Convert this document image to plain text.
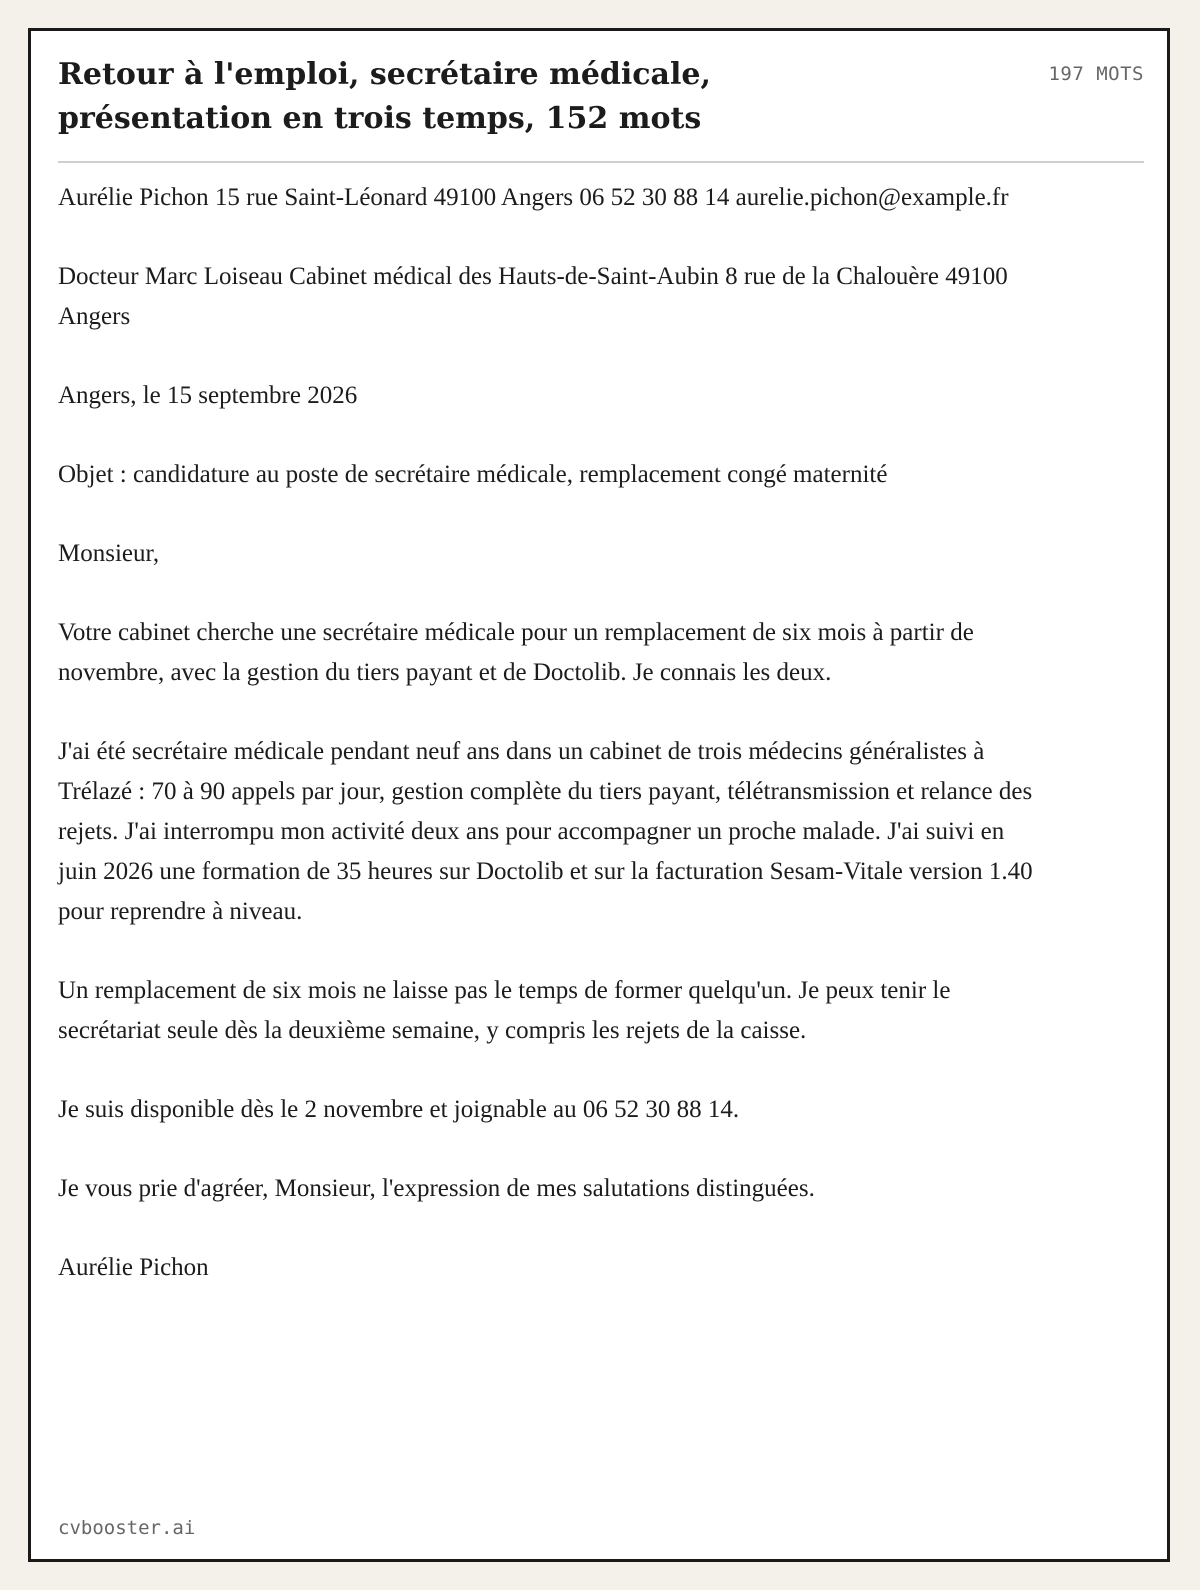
Retour à l'emploi, secrétaire médicale, présentation en trois temps, 152 mots
197 MOTS

Aurélie Pichon 15 rue Saint-Léonard 49100 Angers 06 52 30 88 14 aurelie.pichon@example.fr

Docteur Marc Loiseau Cabinet médical des Hauts-de-Saint-Aubin 8 rue de la Chalouère 49100 Angers

Angers, le 15 septembre 2026

Objet : candidature au poste de secrétaire médicale, remplacement congé maternité

Monsieur,

Votre cabinet cherche une secrétaire médicale pour un remplacement de six mois à partir de novembre, avec la gestion du tiers payant et de Doctolib. Je connais les deux.

J'ai été secrétaire médicale pendant neuf ans dans un cabinet de trois médecins généralistes à Trélazé : 70 à 90 appels par jour, gestion complète du tiers payant, télétransmission et relance des rejets. J'ai interrompu mon activité deux ans pour accompagner un proche malade. J'ai suivi en juin 2026 une formation de 35 heures sur Doctolib et sur la facturation Sesam-Vitale version 1.40 pour reprendre à niveau.

Un remplacement de six mois ne laisse pas le temps de former quelqu'un. Je peux tenir le secrétariat seule dès la deuxième semaine, y compris les rejets de la caisse.

Je suis disponible dès le 2 novembre et joignable au 06 52 30 88 14.

Je vous prie d'agréer, Monsieur, l'expression de mes salutations distinguées.

Aurélie Pichon

cvbooster.ai
